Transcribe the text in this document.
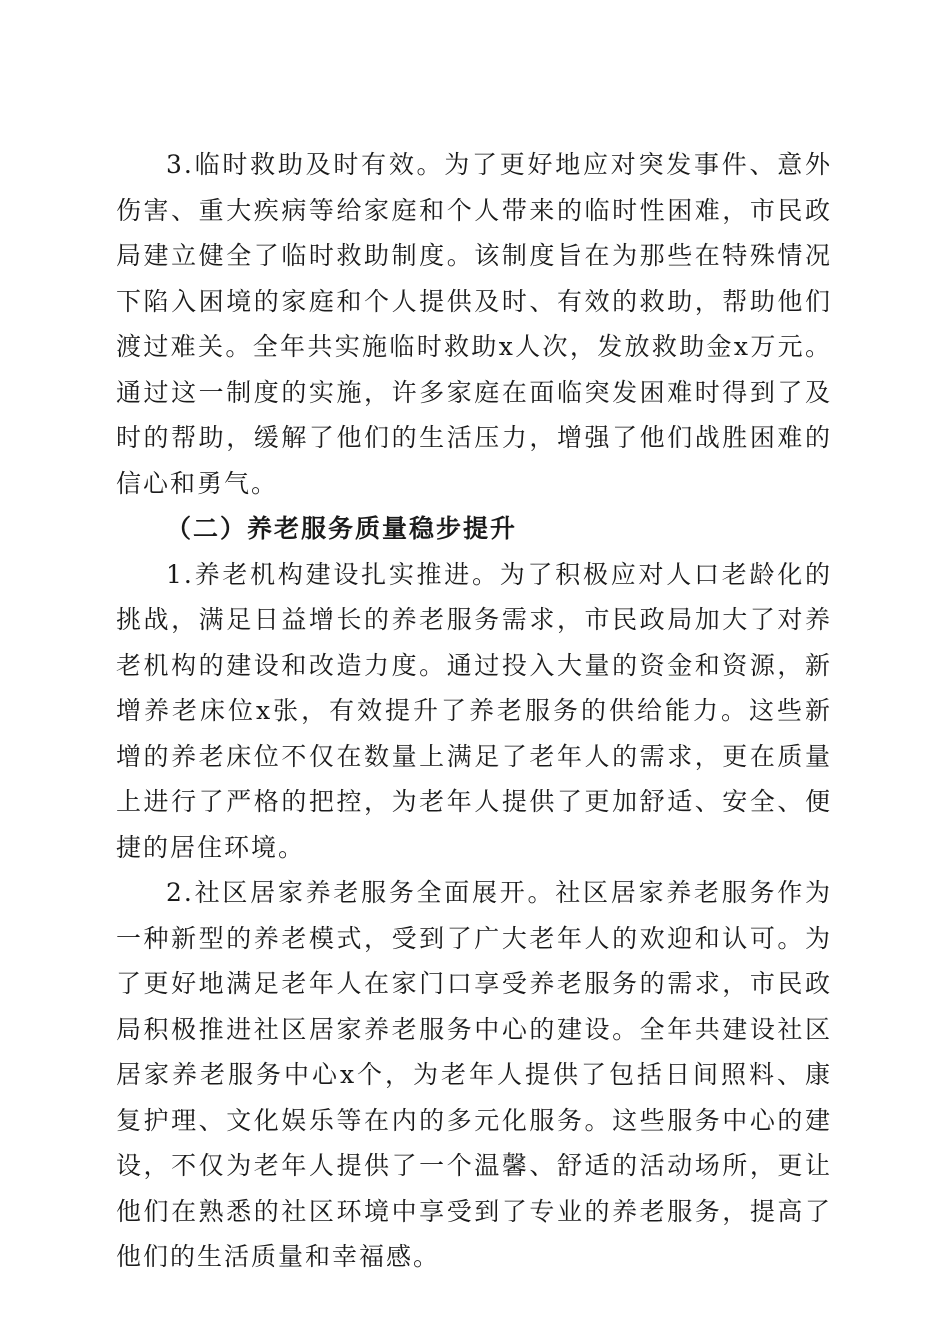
3.临时救助及时有效。为了更好地应对突发事件、意外伤害、重大疾病等给家庭和个人带来的临时性困难，市民政局建立健全了临时救助制度。该制度旨在为那些在特殊情况下陷入困境的家庭和个人提供及时、有效的救助，帮助他们渡过难关。全年共实施临时救助x人次，发放救助金x万元。通过这一制度的实施，许多家庭在面临突发困难时得到了及时的帮助，缓解了他们的生活压力，增强了他们战胜困难的信心和勇气。

（二）养老服务质量稳步提升

1.养老机构建设扎实推进。为了积极应对人口老龄化的挑战，满足日益增长的养老服务需求，市民政局加大了对养老机构的建设和改造力度。通过投入大量的资金和资源，新增养老床位x张，有效提升了养老服务的供给能力。这些新增的养老床位不仅在数量上满足了老年人的需求，更在质量上进行了严格的把控，为老年人提供了更加舒适、安全、便捷的居住环境。

2.社区居家养老服务全面展开。社区居家养老服务作为一种新型的养老模式，受到了广大老年人的欢迎和认可。为了更好地满足老年人在家门口享受养老服务的需求，市民政局积极推进社区居家养老服务中心的建设。全年共建设社区居家养老服务中心x个，为老年人提供了包括日间照料、康复护理、文化娱乐等在内的多元化服务。这些服务中心的建设，不仅为老年人提供了一个温馨、舒适的活动场所，更让他们在熟悉的社区环境中享受到了专业的养老服务，提高了他们的生活质量和幸福感。
